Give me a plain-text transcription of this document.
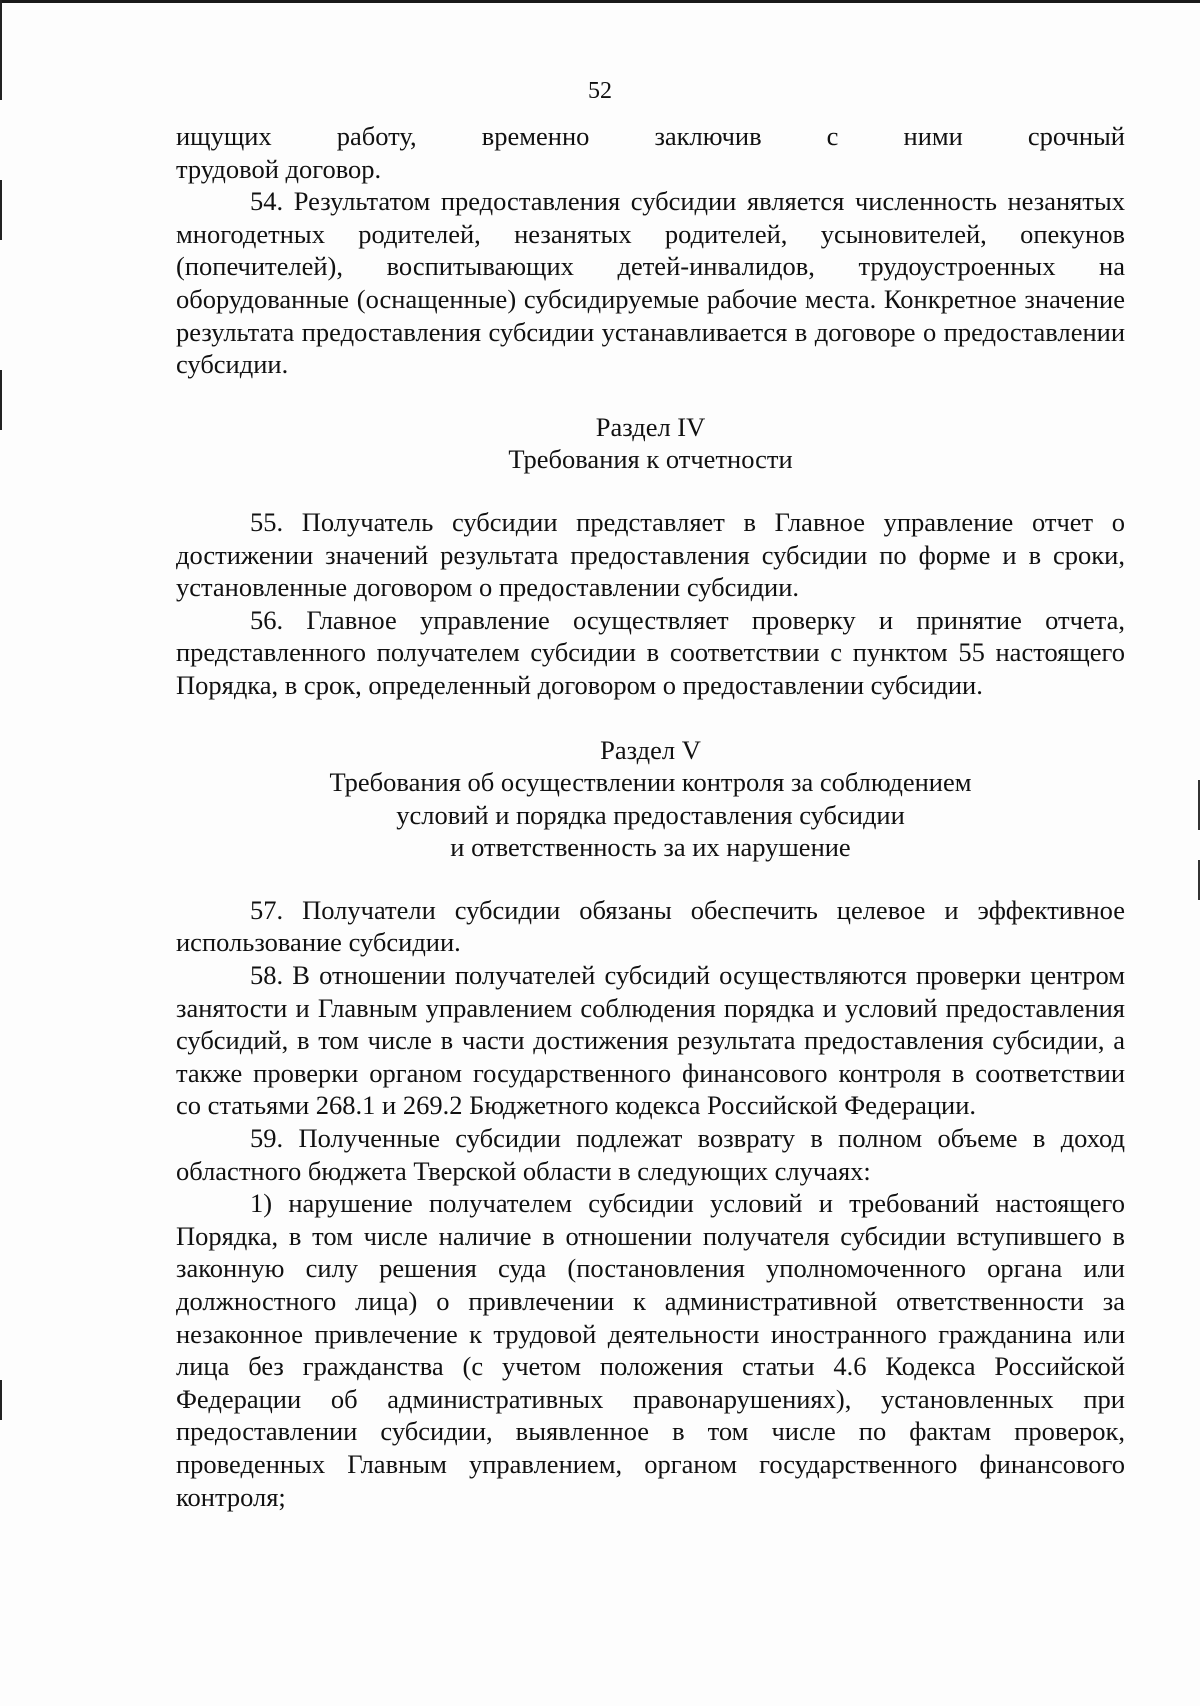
52
ищущих работу, временно заключив с ними срочный

трудовой договор.

54. Результатом предоставления субсидии является численность незанятых многодетных родителей, незанятых родителей, усыновителей, опекунов (попечителей), воспитывающих детей-инвалидов, трудоустроенных на оборудованные (оснащенные) субсидируемые рабочие места. Конкретное значение результата предоставления субсидии устанавливается в договоре о предоставлении субсидии.

Раздел IV

Требования к отчетности

55. Получатель субсидии представляет в Главное управление отчет о достижении значений результата предоставления субсидии по форме и в сроки, установленные договором о предоставлении субсидии.

56. Главное управление осуществляет проверку и принятие отчета, представленного получателем субсидии в соответствии с пунктом 55 настоящего Порядка, в срок, определенный договором о предоставлении субсидии.

Раздел V

Требования об осуществлении контроля за соблюдением

условий и порядка предоставления субсидии

и ответственность за их нарушение

57. Получатели субсидии обязаны обеспечить целевое и эффективное использование субсидии.

58. В отношении получателей субсидий осуществляются проверки центром занятости и Главным управлением соблюдения порядка и условий предоставления субсидий, в том числе в части достижения результата предоставления субсидии, а также проверки органом государственного финансового контроля в соответствии со статьями 268.1 и 269.2 Бюджетного кодекса Российской Федерации.

59. Полученные субсидии подлежат возврату в полном объеме в доход областного бюджета Тверской области в следующих случаях:

1) нарушение получателем субсидии условий и требований настоящего Порядка, в том числе наличие в отношении получателя субсидии вступившего в законную силу решения суда (постановления уполномоченного органа или должностного лица) о привлечении к административной ответственности за незаконное привлечение к трудовой деятельности иностранного гражданина или лица без гражданства (с учетом положения статьи 4.6 Кодекса Российской Федерации об административных правонарушениях), установленных при предоставлении субсидии, выявленное в том числе по фактам проверок, проведенных Главным управлением, органом государственного финансового контроля;
